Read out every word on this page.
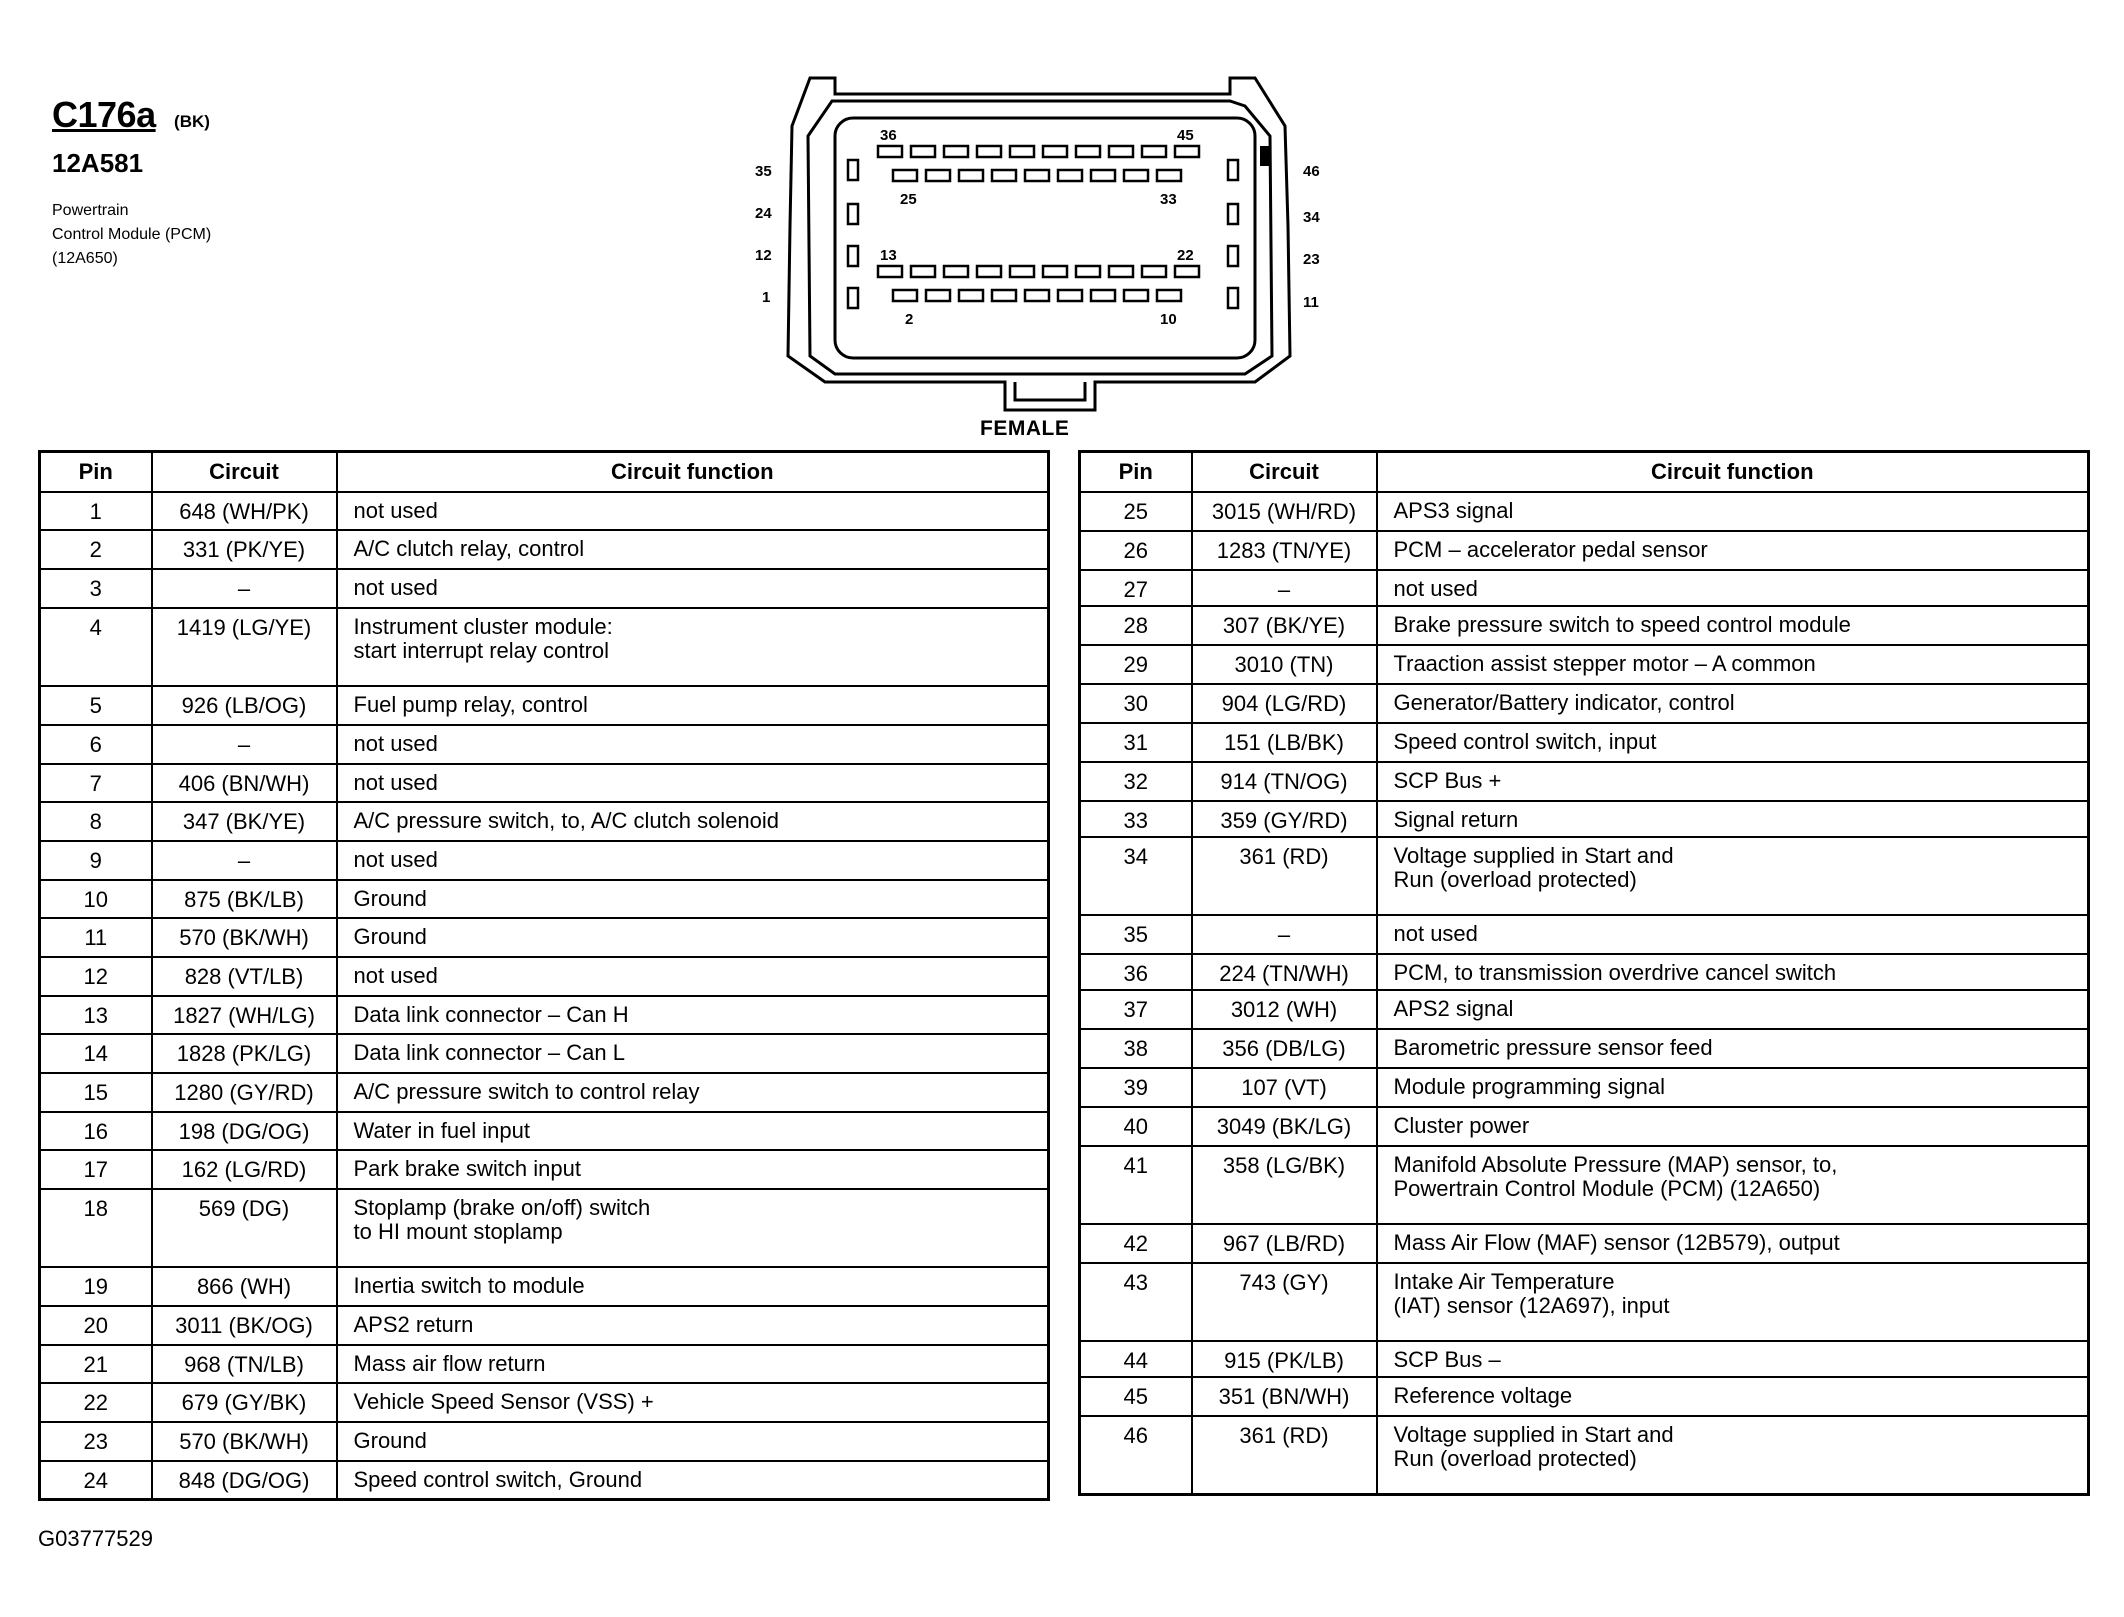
C176a (BK)
12A581
Powertrain
Control Module (PCM)
(12A650)
36	45
25	33
13	22
2	10
35
24
12
1
46
34
23
11
FEMALE
Pin	Circuit	Circuit function
1	648 (WH/PK)	not used
2	331 (PK/YE)	A/C clutch relay, control
3	–	not used
4	1419 (LG/YE)	Instrument cluster module:
start interrupt relay control
5	926 (LB/OG)	Fuel pump relay, control
6	–	not used
7	406 (BN/WH)	not used
8	347 (BK/YE)	A/C pressure switch, to, A/C clutch solenoid
9	–	not used
10	875 (BK/LB)	Ground
11	570 (BK/WH)	Ground
12	828 (VT/LB)	not used
13	1827 (WH/LG)	Data link connector – Can H
14	1828 (PK/LG)	Data link connector – Can L
15	1280 (GY/RD)	A/C pressure switch to control relay
16	198 (DG/OG)	Water in fuel input
17	162 (LG/RD)	Park brake switch input
18	569 (DG)	Stoplamp (brake on/off) switch
to HI mount stoplamp
19	866 (WH)	Inertia switch to module
20	3011 (BK/OG)	APS2 return
21	968 (TN/LB)	Mass air flow return
22	679 (GY/BK)	Vehicle Speed Sensor (VSS) +
23	570 (BK/WH)	Ground
24	848 (DG/OG)	Speed control switch, Ground
Pin	Circuit	Circuit function
25	3015 (WH/RD)	APS3 signal
26	1283 (TN/YE)	PCM – accelerator pedal sensor
27	–	not used
28	307 (BK/YE)	Brake pressure switch to speed control module
29	3010 (TN)	Traaction assist stepper motor – A common
30	904 (LG/RD)	Generator/Battery indicator, control
31	151 (LB/BK)	Speed control switch, input
32	914 (TN/OG)	SCP Bus +
33	359 (GY/RD)	Signal return
34	361 (RD)	Voltage supplied in Start and
Run (overload protected)
35	–	not used
36	224 (TN/WH)	PCM, to transmission overdrive cancel switch
37	3012 (WH)	APS2 signal
38	356 (DB/LG)	Barometric pressure sensor feed
39	107 (VT)	Module programming signal
40	3049 (BK/LG)	Cluster power
41	358 (LG/BK)	Manifold Absolute Pressure (MAP) sensor, to,
Powertrain Control Module (PCM) (12A650)
42	967 (LB/RD)	Mass Air Flow (MAF) sensor (12B579), output
43	743 (GY)	Intake Air Temperature
(IAT) sensor (12A697), input
44	915 (PK/LB)	SCP Bus –
45	351 (BN/WH)	Reference voltage
46	361 (RD)	Voltage supplied in Start and
Run (overload protected)
G03777529
